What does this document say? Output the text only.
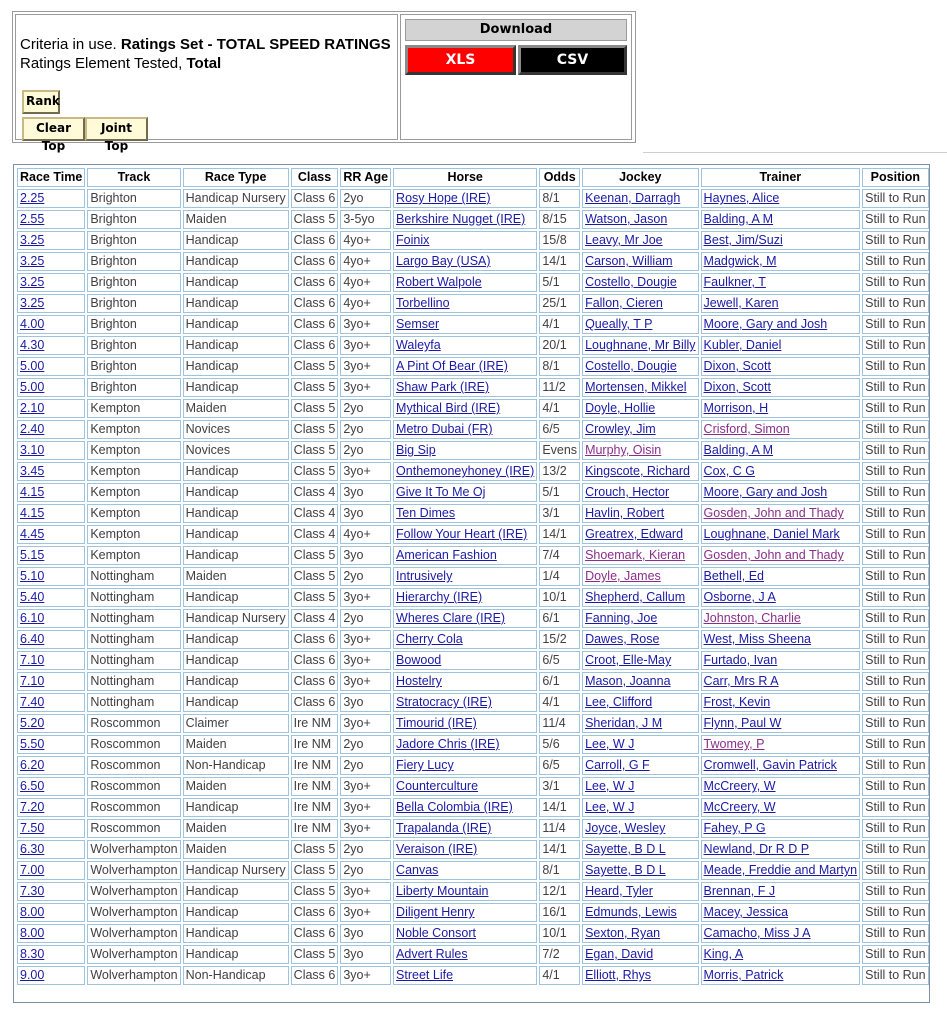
Criteria in use. Ratings Set - TOTAL SPEED RATINGS
Ratings Element Tested, Total
Rank
Clear Top
Joint Top
Download
XLS	CSV
Race Time	Track	Race Type	Class	RR Age	Horse	Odds	Jockey	Trainer	Position
2.25	Brighton	Handicap Nursery	Class 6	2yo	Rosy Hope (IRE)	8/1	Keenan, Darragh	Haynes, Alice	Still to Run
2.55	Brighton	Maiden	Class 5	3-5yo	Berkshire Nugget (IRE)	8/15	Watson, Jason	Balding, A M	Still to Run
3.25	Brighton	Handicap	Class 6	4yo+	Foinix	15/8	Leavy, Mr Joe	Best, Jim/Suzi	Still to Run
3.25	Brighton	Handicap	Class 6	4yo+	Largo Bay (USA)	14/1	Carson, William	Madgwick, M	Still to Run
3.25	Brighton	Handicap	Class 6	4yo+	Robert Walpole	5/1	Costello, Dougie	Faulkner, T	Still to Run
3.25	Brighton	Handicap	Class 6	4yo+	Torbellino	25/1	Fallon, Cieren	Jewell, Karen	Still to Run
4.00	Brighton	Handicap	Class 6	3yo+	Semser	4/1	Queally, T P	Moore, Gary and Josh	Still to Run
4.30	Brighton	Handicap	Class 6	3yo+	Waleyfa	20/1	Loughnane, Mr Billy	Kubler, Daniel	Still to Run
5.00	Brighton	Handicap	Class 5	3yo+	A Pint Of Bear (IRE)	8/1	Costello, Dougie	Dixon, Scott	Still to Run
5.00	Brighton	Handicap	Class 5	3yo+	Shaw Park (IRE)	11/2	Mortensen, Mikkel	Dixon, Scott	Still to Run
2.10	Kempton	Maiden	Class 5	2yo	Mythical Bird (IRE)	4/1	Doyle, Hollie	Morrison, H	Still to Run
2.40	Kempton	Novices	Class 5	2yo	Metro Dubai (FR)	6/5	Crowley, Jim	Crisford, Simon	Still to Run
3.10	Kempton	Novices	Class 5	2yo	Big Sip	Evens	Murphy, Oisin	Balding, A M	Still to Run
3.45	Kempton	Handicap	Class 5	3yo+	Onthemoneyhoney (IRE)	13/2	Kingscote, Richard	Cox, C G	Still to Run
4.15	Kempton	Handicap	Class 4	3yo	Give It To Me Oj	5/1	Crouch, Hector	Moore, Gary and Josh	Still to Run
4.15	Kempton	Handicap	Class 4	3yo	Ten Dimes	3/1	Havlin, Robert	Gosden, John and Thady	Still to Run
4.45	Kempton	Handicap	Class 4	4yo+	Follow Your Heart (IRE)	14/1	Greatrex, Edward	Loughnane, Daniel Mark	Still to Run
5.15	Kempton	Handicap	Class 5	3yo	American Fashion	7/4	Shoemark, Kieran	Gosden, John and Thady	Still to Run
5.10	Nottingham	Maiden	Class 5	2yo	Intrusively	1/4	Doyle, James	Bethell, Ed	Still to Run
5.40	Nottingham	Handicap	Class 5	3yo+	Hierarchy (IRE)	10/1	Shepherd, Callum	Osborne, J A	Still to Run
6.10	Nottingham	Handicap Nursery	Class 4	2yo	Wheres Clare (IRE)	6/1	Fanning, Joe	Johnston, Charlie	Still to Run
6.40	Nottingham	Handicap	Class 6	3yo+	Cherry Cola	15/2	Dawes, Rose	West, Miss Sheena	Still to Run
7.10	Nottingham	Handicap	Class 6	3yo+	Bowood	6/5	Croot, Elle-May	Furtado, Ivan	Still to Run
7.10	Nottingham	Handicap	Class 6	3yo+	Hostelry	6/1	Mason, Joanna	Carr, Mrs R A	Still to Run
7.40	Nottingham	Handicap	Class 6	3yo	Stratocracy (IRE)	4/1	Lee, Clifford	Frost, Kevin	Still to Run
5.20	Roscommon	Claimer	Ire NM	3yo+	Timourid (IRE)	11/4	Sheridan, J M	Flynn, Paul W	Still to Run
5.50	Roscommon	Maiden	Ire NM	2yo	Jadore Chris (IRE)	5/6	Lee, W J	Twomey, P	Still to Run
6.20	Roscommon	Non-Handicap	Ire NM	2yo	Fiery Lucy	6/5	Carroll, G F	Cromwell, Gavin Patrick	Still to Run
6.50	Roscommon	Maiden	Ire NM	3yo+	Counterculture	3/1	Lee, W J	McCreery, W	Still to Run
7.20	Roscommon	Handicap	Ire NM	3yo+	Bella Colombia (IRE)	14/1	Lee, W J	McCreery, W	Still to Run
7.50	Roscommon	Maiden	Ire NM	3yo+	Trapalanda (IRE)	11/4	Joyce, Wesley	Fahey, P G	Still to Run
6.30	Wolverhampton	Maiden	Class 5	2yo	Veraison (IRE)	14/1	Sayette, B D L	Newland, Dr R D P	Still to Run
7.00	Wolverhampton	Handicap Nursery	Class 5	2yo	Canvas	8/1	Sayette, B D L	Meade, Freddie and Martyn	Still to Run
7.30	Wolverhampton	Handicap	Class 5	3yo+	Liberty Mountain	12/1	Heard, Tyler	Brennan, F J	Still to Run
8.00	Wolverhampton	Handicap	Class 6	3yo+	Diligent Henry	16/1	Edmunds, Lewis	Macey, Jessica	Still to Run
8.00	Wolverhampton	Handicap	Class 6	3yo	Noble Consort	10/1	Sexton, Ryan	Camacho, Miss J A	Still to Run
8.30	Wolverhampton	Handicap	Class 5	3yo	Advert Rules	7/2	Egan, David	King, A	Still to Run
9.00	Wolverhampton	Non-Handicap	Class 6	3yo+	Street Life	4/1	Elliott, Rhys	Morris, Patrick	Still to Run
